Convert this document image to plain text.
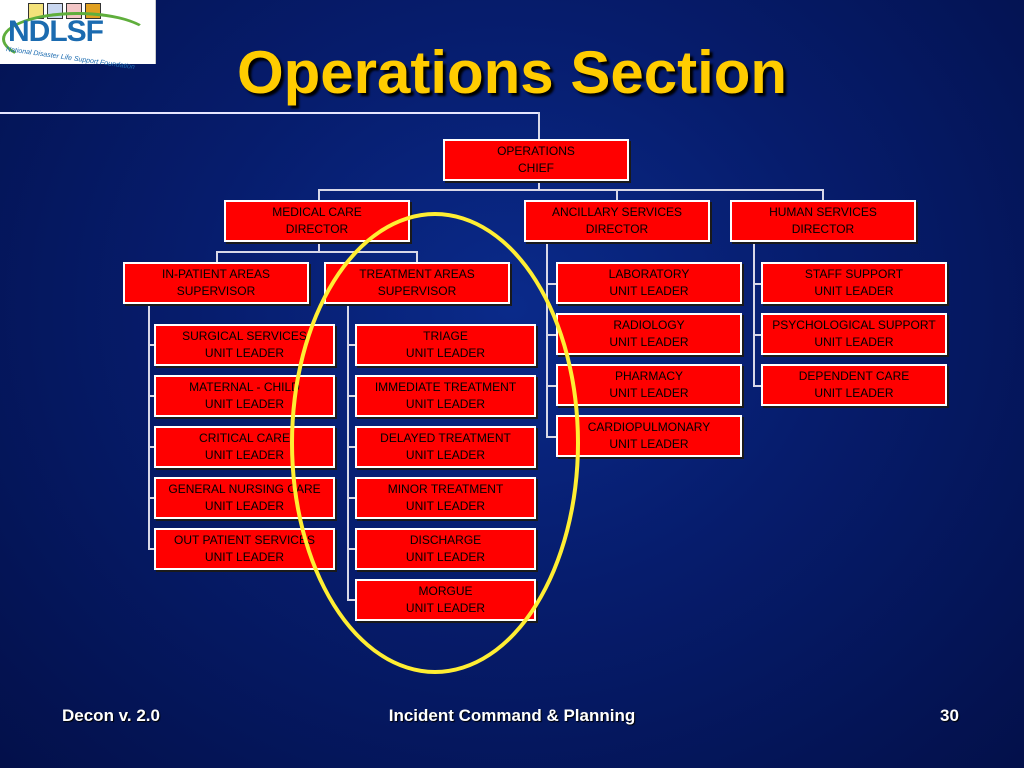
NDLSF
National Disaster Life Support Foundation	Operations Section
OPERATIONS
CHIEF
MEDICAL CARE
DIRECTOR
ANCILLARY SERVICES
DIRECTOR
HUMAN SERVICES
DIRECTOR
IN-PATIENT AREAS
SUPERVISOR
TREATMENT AREAS
SUPERVISOR
SURGICAL SERVICES
UNIT LEADER
MATERNAL - CHILD
UNIT LEADER
CRITICAL CARE
UNIT LEADER
GENERAL NURSING CARE
UNIT LEADER
OUT PATIENT SERVICES
UNIT LEADER
TRIAGE
UNIT LEADER
IMMEDIATE TREATMENT
UNIT LEADER
DELAYED TREATMENT
UNIT LEADER
MINOR TREATMENT
UNIT LEADER
DISCHARGE
UNIT LEADER
MORGUE
UNIT LEADER
LABORATORY
UNIT LEADER
RADIOLOGY
UNIT LEADER
PHARMACY
UNIT LEADER
CARDIOPULMONARY
UNIT LEADER
STAFF SUPPORT
UNIT LEADER
PSYCHOLOGICAL SUPPORT
UNIT LEADER
DEPENDENT CARE
UNIT LEADER
Decon v. 2.0	Incident Command & Planning	30
